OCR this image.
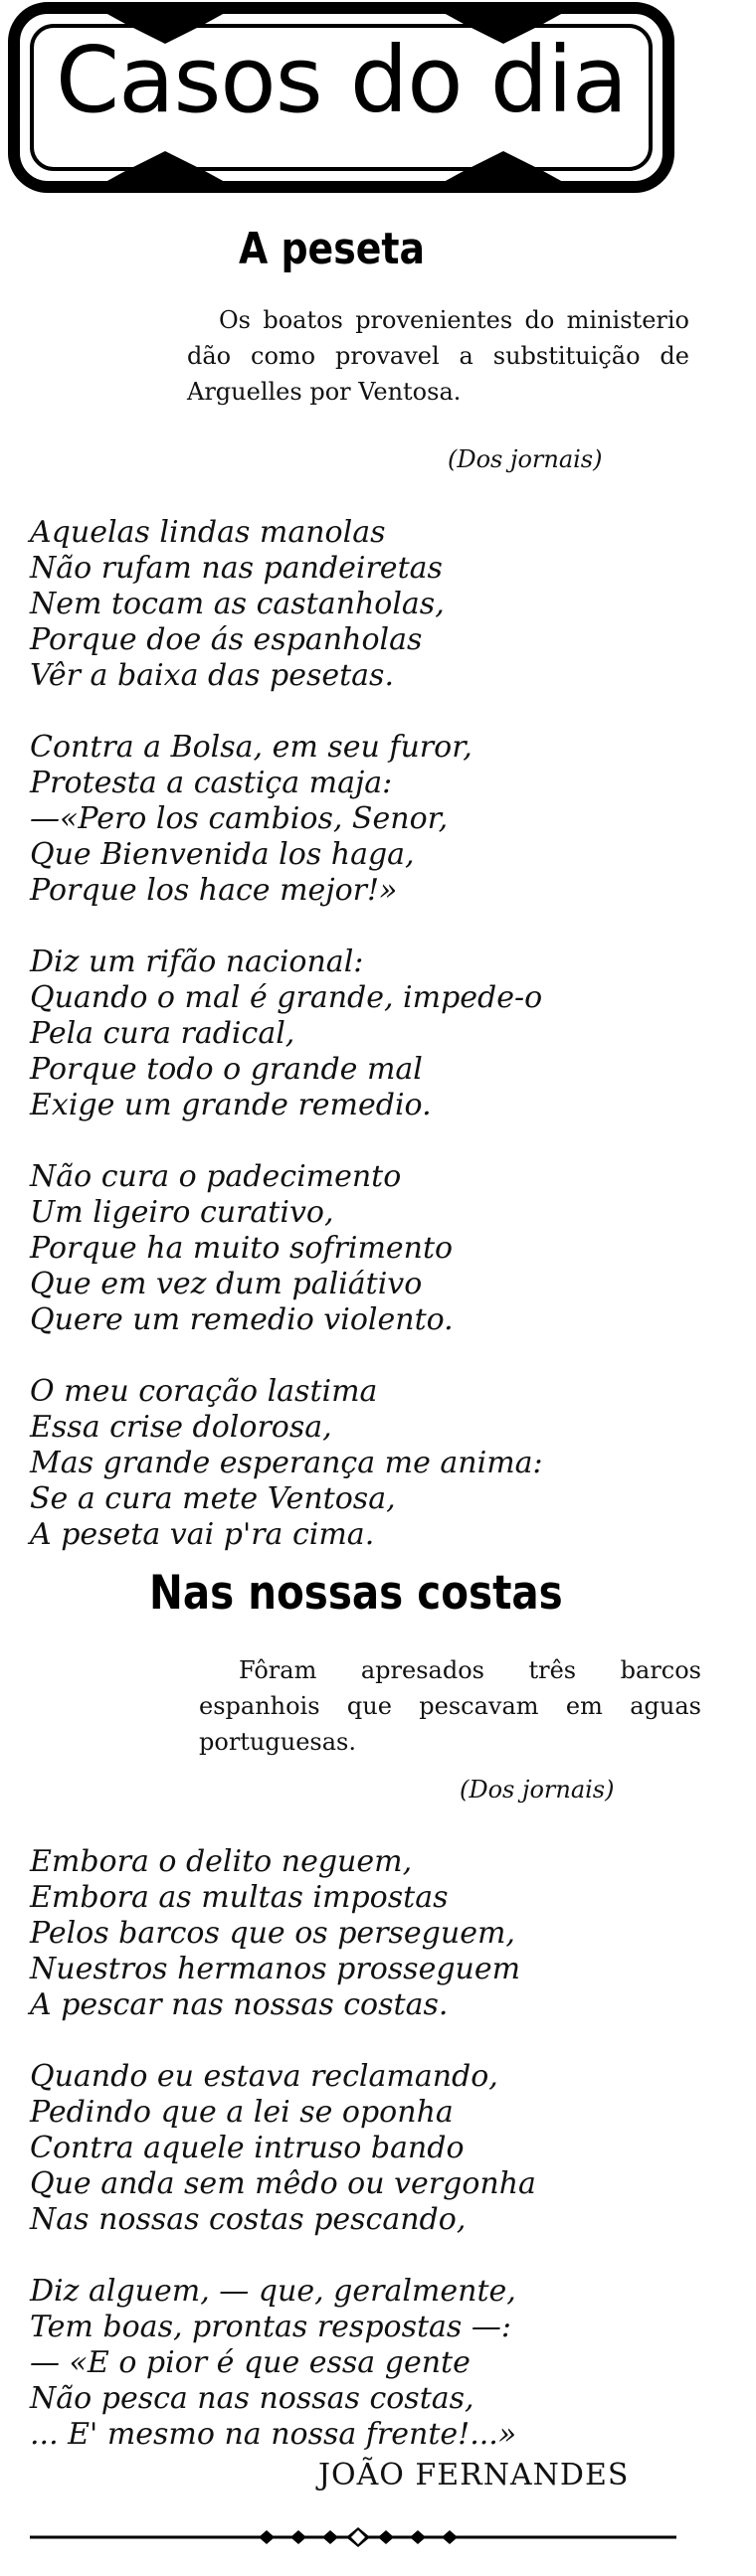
Casos do dia
A peseta
Os boatos provenientes do ministerio dão como provavel a substituição de Arguelles por Ventosa.
(Dos jornais)
Aquelas lindas manolas
Não rufam nas pandeiretas
Nem tocam as castanholas,
Porque doe ás espanholas
Vêr a baixa das pesetas.
Contra a Bolsa, em seu furor,
Protesta a castiça maja:
—«Pero los cambios, Senor,
Que Bienvenida los haga,
Porque los hace mejor!»
Diz um rifão nacional:
Quando o mal é grande, impede-o
Pela cura radical,
Porque todo o grande mal
Exige um grande remedio.
Não cura o padecimento
Um ligeiro curativo,
Porque ha muito sofrimento
Que em vez dum paliátivo
Quere um remedio violento.
O meu coração lastima
Essa crise dolorosa,
Mas grande esperança me anima:
Se a cura mete Ventosa,
A peseta vai p'ra cima.
Nas nossas costas
Fôram apresados três barcos espanhois que pescavam em aguas portuguesas.
(Dos jornais)
Embora o delito neguem,
Embora as multas impostas
Pelos barcos que os perseguem,
Nuestros hermanos prosseguem
A pescar nas nossas costas.
Quando eu estava reclamando,
Pedindo que a lei se oponha
Contra aquele intruso bando
Que anda sem mêdo ou vergonha
Nas nossas costas pescando,
Diz alguem, — que, geralmente,
Tem boas, prontas respostas —:
— «E o pior é que essa gente
Não pesca nas nossas costas,
... E' mesmo na nossa frente!...»
JOÃO FERNANDES
